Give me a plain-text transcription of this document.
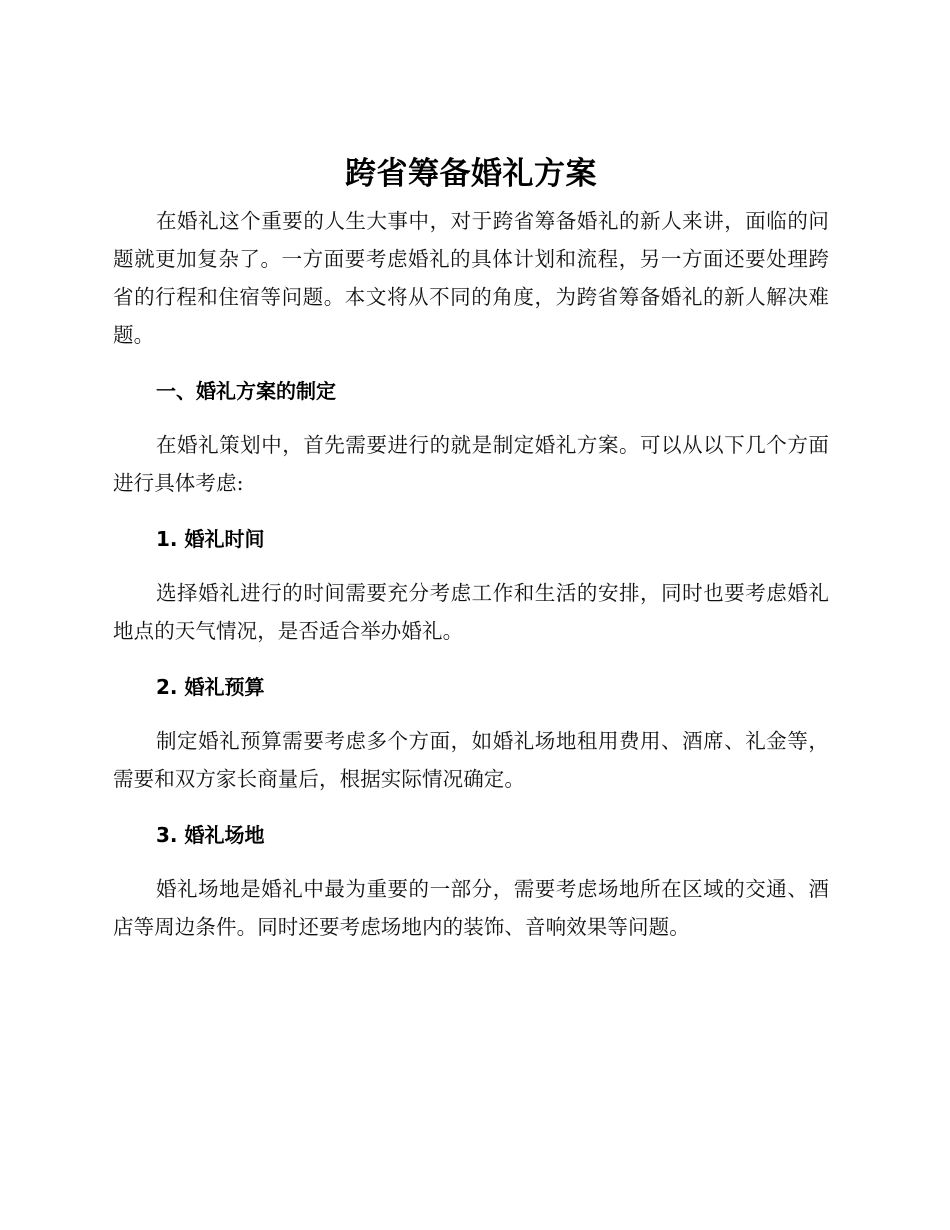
跨省筹备婚礼方案

在婚礼这个重要的人生大事中，对于跨省筹备婚礼的新人来讲，面临的问题就更加复杂了。一方面要考虑婚礼的具体计划和流程，另一方面还要处理跨省的行程和住宿等问题。本文将从不同的角度，为跨省筹备婚礼的新人解决难题。

一、婚礼方案的制定

在婚礼策划中，首先需要进行的就是制定婚礼方案。可以从以下几个方面进行具体考虑:

1. 婚礼时间

选择婚礼进行的时间需要充分考虑工作和生活的安排，同时也要考虑婚礼地点的天气情况，是否适合举办婚礼。

2. 婚礼预算

制定婚礼预算需要考虑多个方面，如婚礼场地租用费用、酒席、礼金等，需要和双方家长商量后，根据实际情况确定。

3. 婚礼场地

婚礼场地是婚礼中最为重要的一部分，需要考虑场地所在区域的交通、酒店等周边条件。同时还要考虑场地内的装饰、音响效果等问题。
